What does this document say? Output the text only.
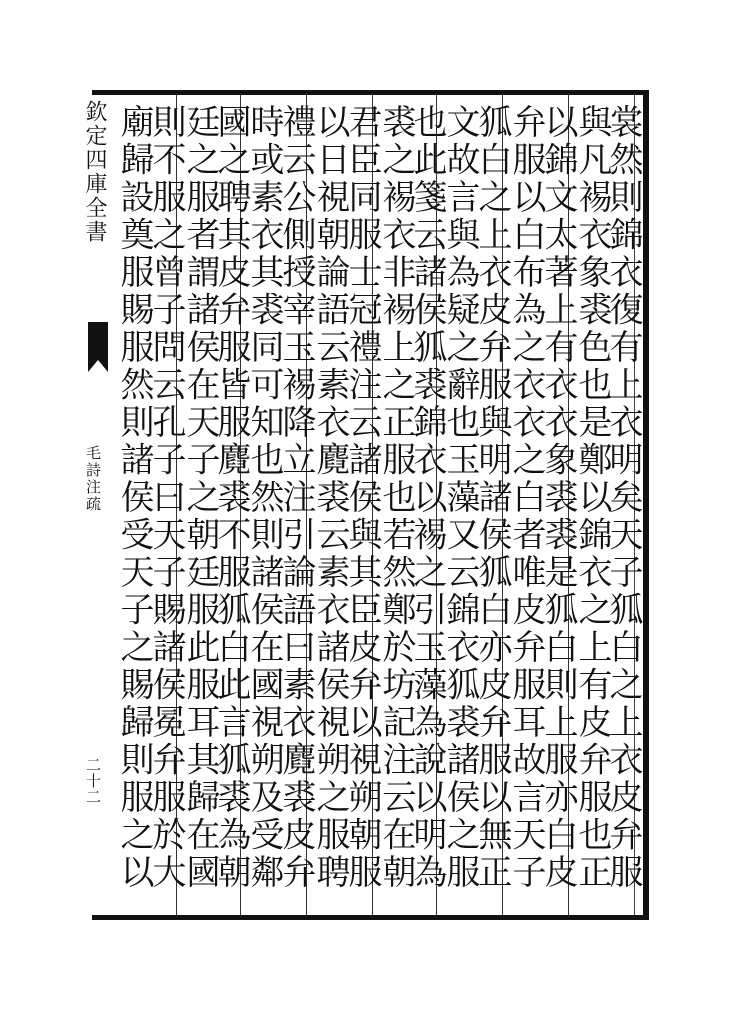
欽定四庫全書
毛詩注疏
二十二	裳然則錦衣復有上衣明矣天子狐白之上衣皮弁服
與凡裼衣象裘色也是鄭以錦衣之上有皮弁服也正
以錦文太著上有衣衣象裘裘是狐白則上服亦白皮
弁服以白布為之衣衣之白者唯皮弁服耳故言天子
狐白之上衣皮弁服與明諸侯狐白亦皮弁服以無正
文故言與為疑之辭也玉藻又云錦衣狐裘諸侯之服
也此箋云諸侯狐裘錦衣以裼之引玉藻為說以明為
裘之裼衣非裼上之正服也若然鄭於坊記注云在朝
君臣同服士冠禮注云諸侯與其臣皮弁以視朔朝服
以日視朝論語云素衣麑裘云素衣諸侯視朔之服聘
禮云公側授宰玉裼降立注引論語曰素衣麑裘皮弁
時或素衣其裘同可知也然則諸侯在國視朔及受鄰
國之聘其皮弁服皆服麑裘不服狐白此言狐裘為朝
廷之服者謂諸侯在天子之朝廷服此服耳其歸在國
則不服之曾子問云孔子曰天子賜諸侯冕弁服於大
廟歸設奠服賜服然則諸侯受天子之賜歸則服之以
